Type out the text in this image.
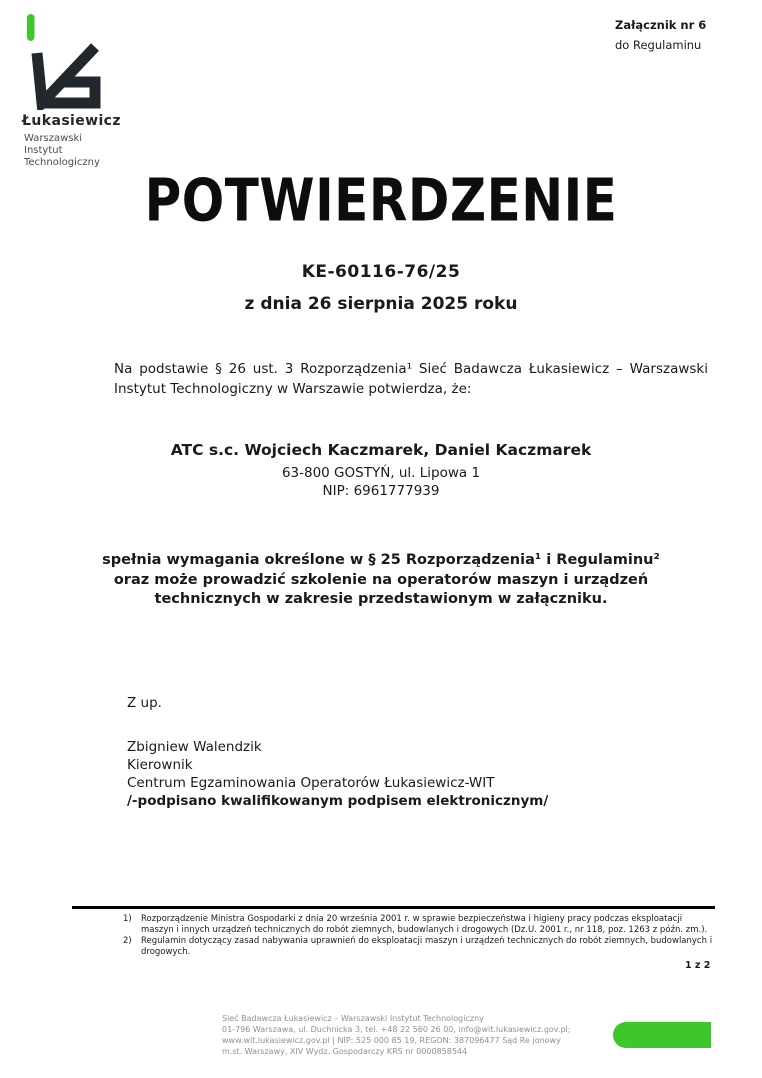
Załącznik nr 6
do Regulaminu
Łukasiewicz
Warszawski
Instytut
Technologiczny
POTWIERDZENIE
KE-60116-76/25
z dnia 26 sierpnia 2025 roku
Na podstawie § 26 ust. 3 Rozporządzenia¹ Sieć Badawcza Łukasiewicz – Warszawski
Instytut Technologiczny w Warszawie potwierdza, że:
ATC s.c. Wojciech Kaczmarek, Daniel Kaczmarek
63-800 GOSTYŃ, ul. Lipowa 1
NIP: 6961777939
spełnia wymagania określone w § 25 Rozporządzenia¹ i Regulaminu²
oraz może prowadzić szkolenie na operatorów maszyn i urządzeń
technicznych w zakresie przedstawionym w załączniku.
Z up.
Zbigniew Walendzik
Kierownik
Centrum Egzaminowania Operatorów Łukasiewicz-WIT
/-podpisano kwalifikowanym podpisem elektronicznym/
1)	Rozporządzenie Ministra Gospodarki z dnia 20 września 2001 r. w sprawie bezpieczeństwa i higieny pracy podczas eksploatacji maszyn i innych urządzeń technicznych do robót ziemnych, budowlanych i drogowych (Dz.U. 2001 r., nr 118, poz. 1263 z późn. zm.).
2)	Regulamin dotyczący zasad nabywania uprawnień do eksploatacji maszyn i urządzeń technicznych do robót ziemnych, budowlanych i drogowych.
1 z 2
Sieć Badawcza Łukasiewicz – Warszawski Instytut Technologiczny
01-796 Warszawa, ul. Duchnicka 3, tel. +48 22 560 26 00, info@wit.lukasiewicz.gov.pl;
www.wit.lukasiewicz.gov.pl | NIP: 525 000 85 19, REGON: 387096477 Sąd Re jonowy
m.st. Warszawy, XIV Wydz. Gospodarczy KRS nr 0000858544
